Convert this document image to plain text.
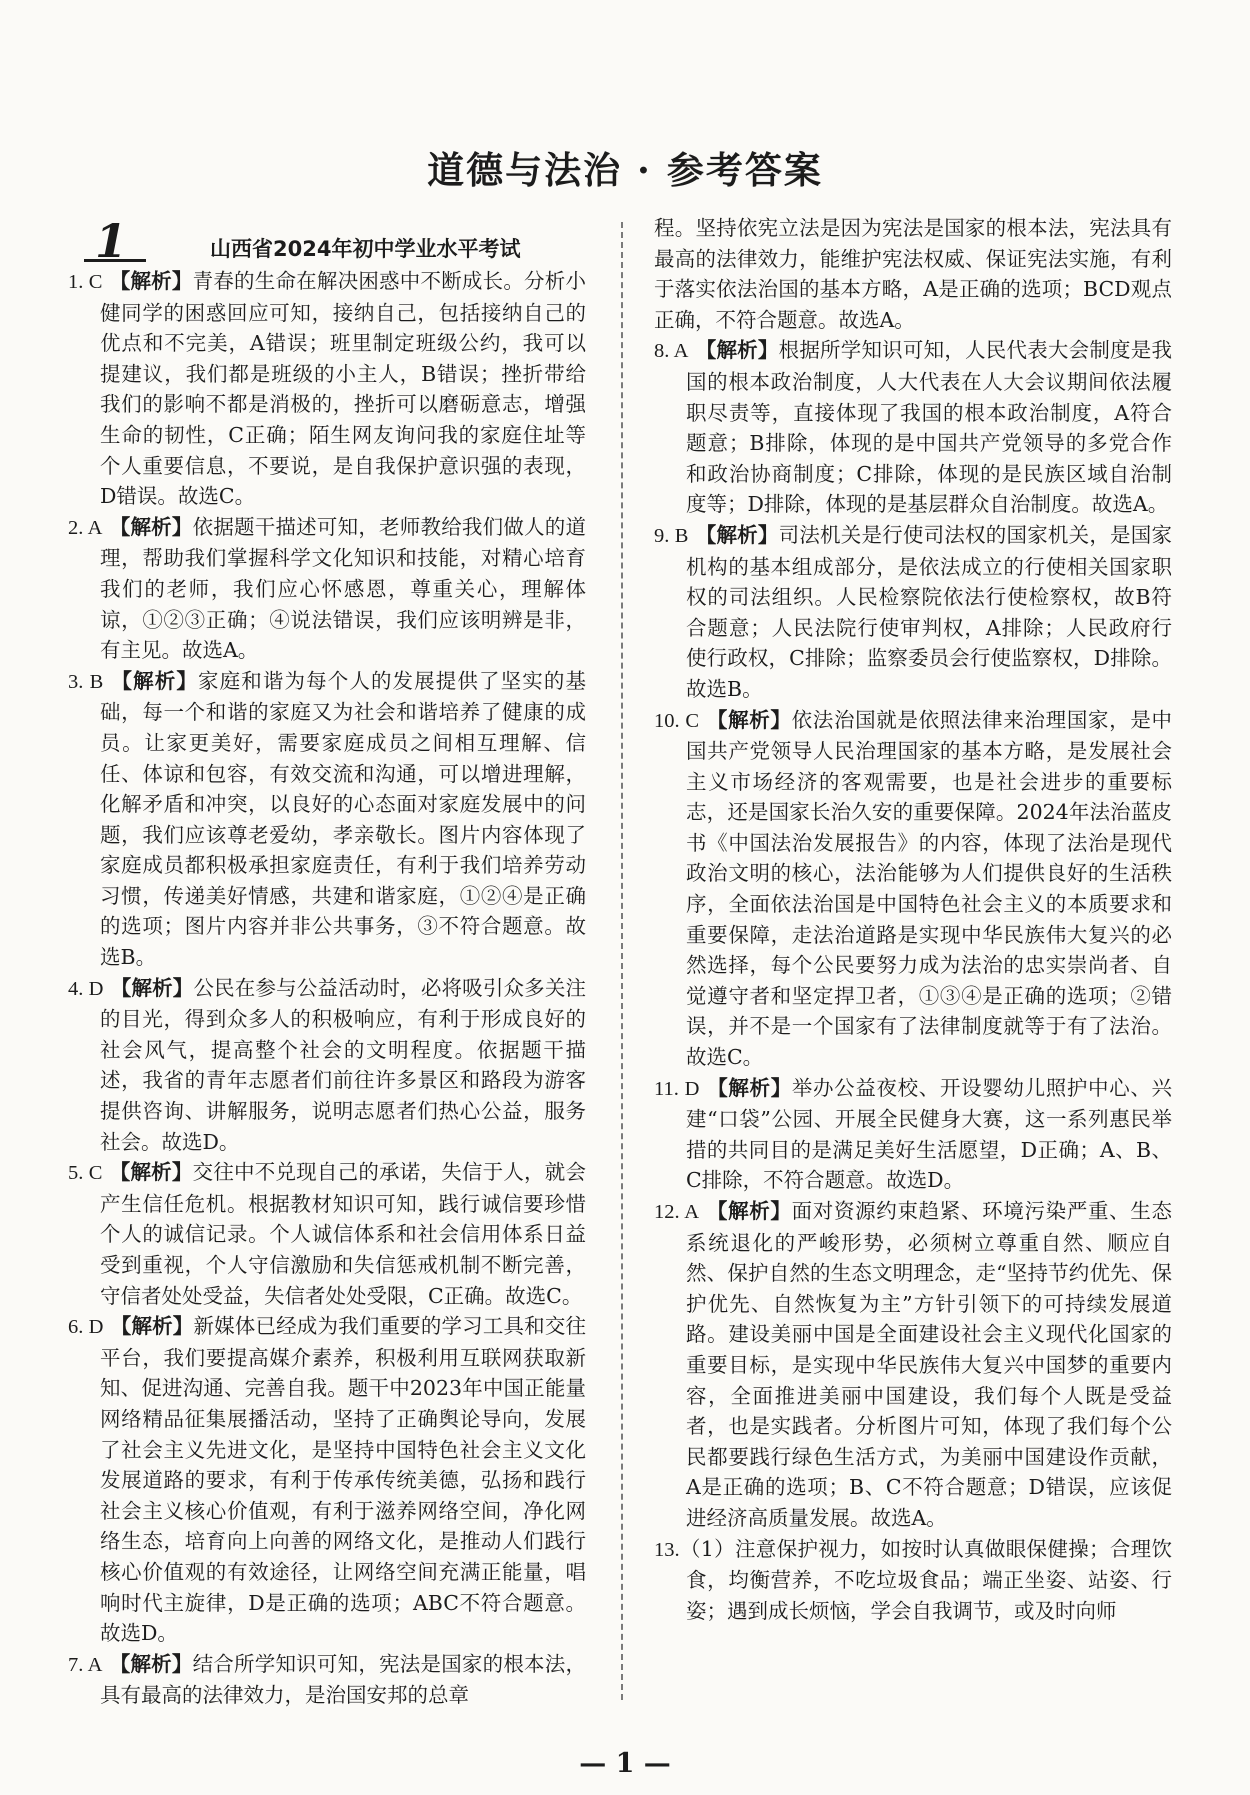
道德与法治 · 参考答案
1	山西省2024年初中学业水平考试

1. C 【解析】青春的生命在解决困惑中不断成长。分析小健同学的困惑回应可知，接纳自己，包括接纳自己的优点和不完美，A错误；班里制定班级公约，我可以提建议，我们都是班级的小主人，B错误；挫折带给我们的影响不都是消极的，挫折可以磨砺意志，增强生命的韧性，C正确；陌生网友询问我的家庭住址等个人重要信息，不要说，是自我保护意识强的表现，D错误。故选C。

2. A 【解析】依据题干描述可知，老师教给我们做人的道理，帮助我们掌握科学文化知识和技能，对精心培育我们的老师，我们应心怀感恩，尊重关心，理解体谅，①②③正确；④说法错误，我们应该明辨是非，有主见。故选A。

3. B 【解析】家庭和谐为每个人的发展提供了坚实的基础，每一个和谐的家庭又为社会和谐培养了健康的成员。让家更美好，需要家庭成员之间相互理解、信任、体谅和包容，有效交流和沟通，可以增进理解，化解矛盾和冲突，以良好的心态面对家庭发展中的问题，我们应该尊老爱幼，孝亲敬长。图片内容体现了家庭成员都积极承担家庭责任，有利于我们培养劳动习惯，传递美好情感，共建和谐家庭，①②④是正确的选项；图片内容并非公共事务，③不符合题意。故选B。

4. D 【解析】公民在参与公益活动时，必将吸引众多关注的目光，得到众多人的积极响应，有利于形成良好的社会风气，提高整个社会的文明程度。依据题干描述，我省的青年志愿者们前往许多景区和路段为游客提供咨询、讲解服务，说明志愿者们热心公益，服务社会。故选D。

5. C 【解析】交往中不兑现自己的承诺，失信于人，就会产生信任危机。根据教材知识可知，践行诚信要珍惜个人的诚信记录。个人诚信体系和社会信用体系日益受到重视，个人守信激励和失信惩戒机制不断完善，守信者处处受益，失信者处处受限，C正确。故选C。

6. D 【解析】新媒体已经成为我们重要的学习工具和交往平台，我们要提高媒介素养，积极利用互联网获取新知、促进沟通、完善自我。题干中2023年中国正能量网络精品征集展播活动，坚持了正确舆论导向，发展了社会主义先进文化，是坚持中国特色社会主义文化发展道路的要求，有利于传承传统美德，弘扬和践行社会主义核心价值观，有利于滋养网络空间，净化网络生态，培育向上向善的网络文化，是推动人们践行核心价值观的有效途径，让网络空间充满正能量，唱响时代主旋律，D是正确的选项；ABC不符合题意。故选D。

7. A 【解析】结合所学知识可知，宪法是国家的根本法，具有最高的法律效力，是治国安邦的总章

程。坚持依宪立法是因为宪法是国家的根本法，宪法具有最高的法律效力，能维护宪法权威、保证宪法实施，有利于落实依法治国的基本方略，A是正确的选项；BCD观点正确，不符合题意。故选A。

8. A 【解析】根据所学知识可知，人民代表大会制度是我国的根本政治制度，人大代表在人大会议期间依法履职尽责等，直接体现了我国的根本政治制度，A符合题意；B排除，体现的是中国共产党领导的多党合作和政治协商制度；C排除，体现的是民族区域自治制度等；D排除，体现的是基层群众自治制度。故选A。

9. B 【解析】司法机关是行使司法权的国家机关，是国家机构的基本组成部分，是依法成立的行使相关国家职权的司法组织。人民检察院依法行使检察权，故B符合题意；人民法院行使审判权，A排除；人民政府行使行政权，C排除；监察委员会行使监察权，D排除。故选B。

10. C 【解析】依法治国就是依照法律来治理国家，是中国共产党领导人民治理国家的基本方略，是发展社会主义市场经济的客观需要，也是社会进步的重要标志，还是国家长治久安的重要保障。2024年法治蓝皮书《中国法治发展报告》的内容，体现了法治是现代政治文明的核心，法治能够为人们提供良好的生活秩序，全面依法治国是中国特色社会主义的本质要求和重要保障，走法治道路是实现中华民族伟大复兴的必然选择，每个公民要努力成为法治的忠实崇尚者、自觉遵守者和坚定捍卫者，①③④是正确的选项；②错误，并不是一个国家有了法律制度就等于有了法治。故选C。

11. D 【解析】举办公益夜校、开设婴幼儿照护中心、兴建“口袋”公园、开展全民健身大赛，这一系列惠民举措的共同目的是满足美好生活愿望，D正确；A、B、C排除，不符合题意。故选D。

12. A 【解析】面对资源约束趋紧、环境污染严重、生态系统退化的严峻形势，必须树立尊重自然、顺应自然、保护自然的生态文明理念，走“坚持节约优先、保护优先、自然恢复为主”方针引领下的可持续发展道路。建设美丽中国是全面建设社会主义现代化国家的重要目标，是实现中华民族伟大复兴中国梦的重要内容，全面推进美丽中国建设，我们每个人既是受益者，也是实践者。分析图片可知，体现了我们每个公民都要践行绿色生活方式，为美丽中国建设作贡献，A是正确的选项；B、C不符合题意；D错误，应该促进经济高质量发展。故选A。

13.（1）注意保护视力，如按时认真做眼保健操；合理饮食，均衡营养，不吃垃圾食品；端正坐姿、站姿、行姿；遇到成长烦恼，学会自我调节，或及时向师

— 1 —
